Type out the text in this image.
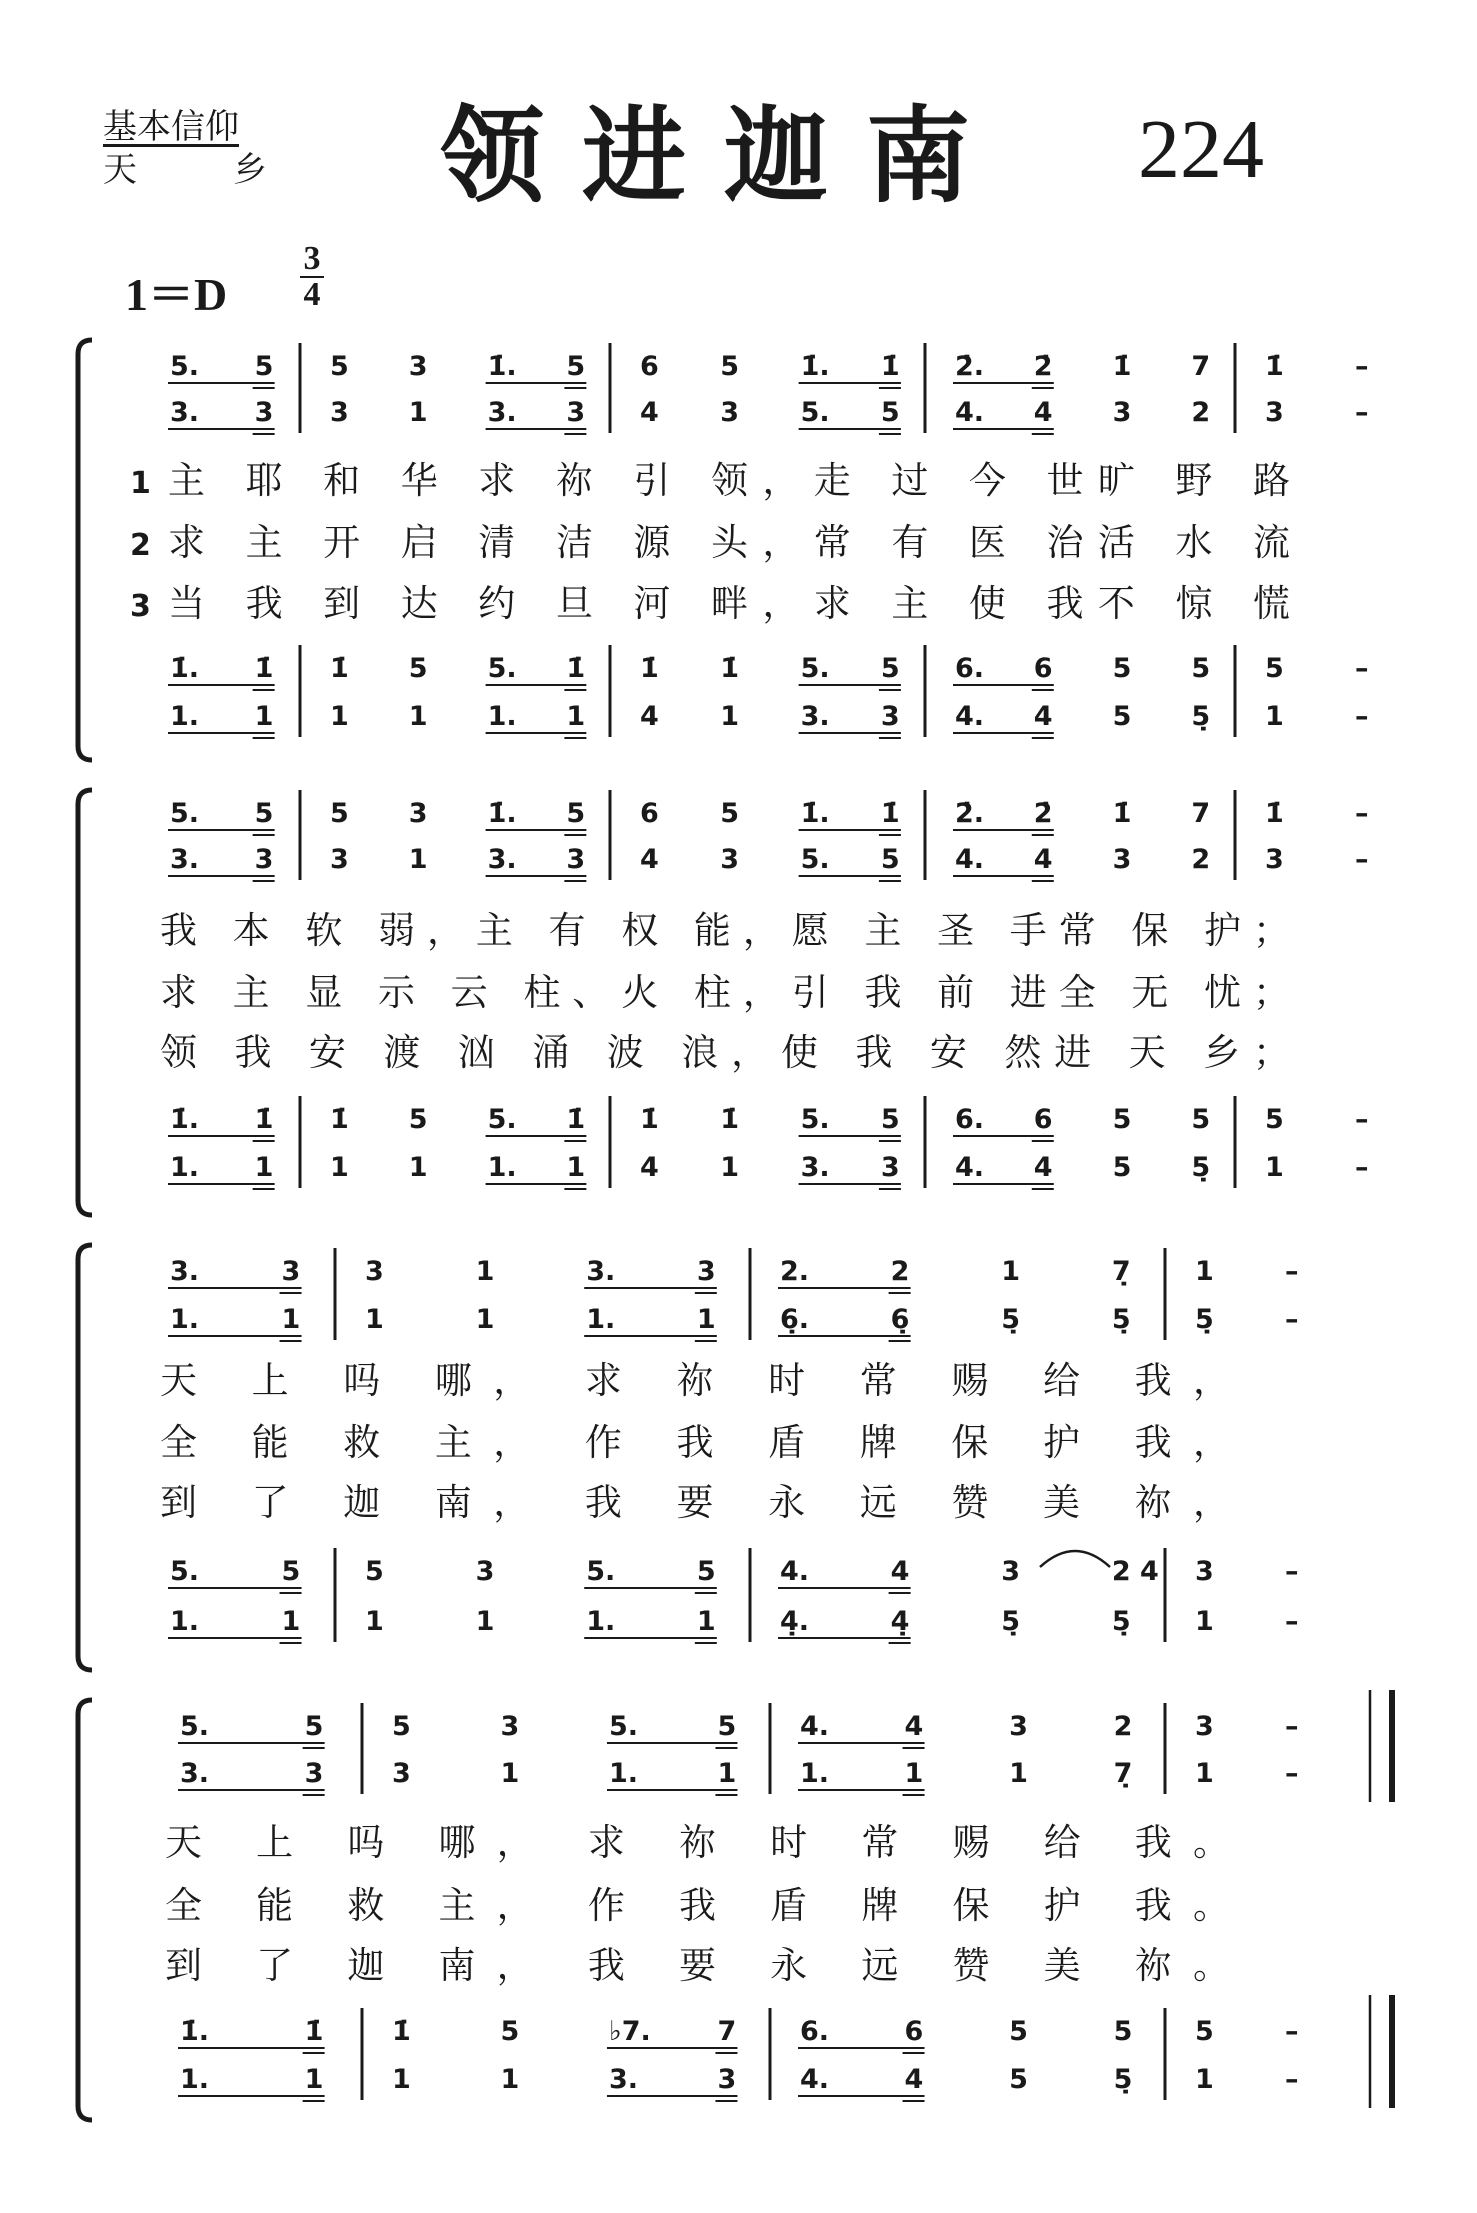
基本信仰
天乡 领进迦南 224
1＝D
3
4
5. 5 5 3 1̇. 5 6 5 1̇. 1̇ 2̇. 2̇ 1̇ 7 1̇	–
3. 3 3 1 3. 3 4 3 5. 5 4. 4 3 2 3	–
1̇. 1̇ 1̇ 5 5. 1̇ 1̇ 1̇ 5. 5 6. 6 5 5 5	–
1. 1 1 1 1. 1 4 1 3. 3 4. 4 5 5̣ 1	–
1 主 耶 和 华 求 祢 引 领，走 过 今 世旷 野 路
2 求 主 开 启 清 洁 源 头，常 有 医 治活 水 流
3 当 我 到 达 约 旦 河 畔，求 主 使 我不 惊 慌
5. 5 5 3 1̇. 5 6 5 1̇. 1̇ 2̇. 2̇ 1̇ 7 1̇	–
3. 3 3 1 3. 3 4 3 5. 5 4. 4 3 2 3	–
1̇. 1̇ 1̇ 5 5. 1̇ 1̇ 1̇ 5. 5 6. 6 5 5 5	–
1. 1 1 1 1. 1 4 1 3. 3 4. 4 5 5̣ 1	–
我 本 软 弱，主 有 权 能，愿 主 圣 手常 保 护；
求 主 显 示 云 柱、火 柱，引 我 前 进全 无 忧；
领 我 安 渡 汹 涌 波 浪，使 我 安 然进 天 乡；
3.	3 3	1	3.	3 2.	2	1	7̣ 1	–
1.	1 1	1	1.	1 6̣.	6̣	5̣	5̣ 5̣	–
5.	5 5	3	5.	5 4.	4	3	2 4 3	–
1.	1 1	1	1.	1 4̣.	4̣	5̣	5̣ 1	–
天 上 吗 哪， 求 祢 时 常 赐 给 我，
全 能 救 主， 作 我 盾 牌 保 护 我，
到 了 迦 南， 我 要 永 远 赞 美 祢，
5.	5	5	3	5.	5 4.	4	3	2 3	–
3.	3	3	1	1.	1 1.	1	1	7̣ 1	–
1̇.	1̇	1̇	5	♭7. 7 6.	6	5	5 5	–
1.	1	1	1	3.	3 4.	4	5	5̣ 1	–
天 上 吗 哪， 求 祢 时 常 赐 给 我。
全 能 救 主， 作 我 盾 牌 保 护 我。
到 了 迦 南， 我 要 永 远 赞 美 祢。
